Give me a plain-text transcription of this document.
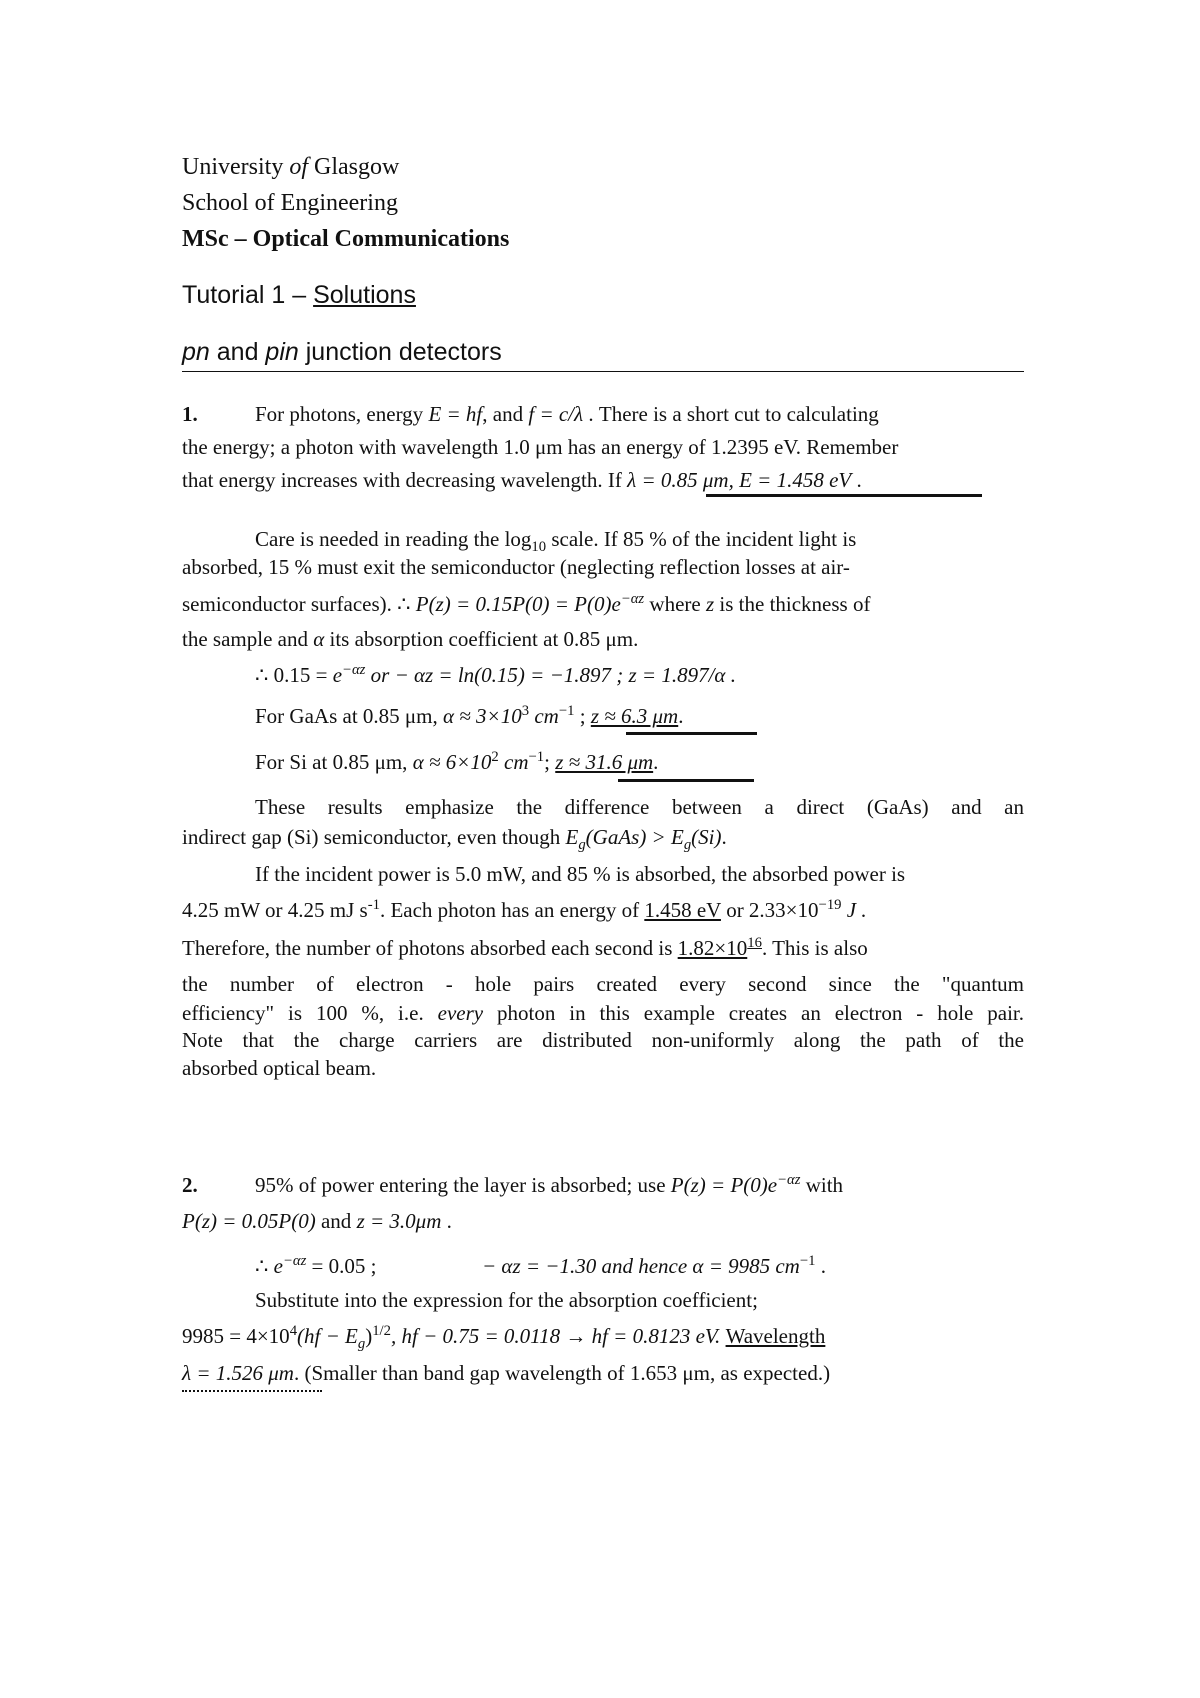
University of Glasgow
School of Engineering
MSc – Optical Communications
Tutorial 1 – Solutions
pn and pin junction detectors
1.	For photons, energy E = hf, and f = c/λ . There is a short cut to calculating
the energy; a photon with wavelength 1.0 μm has an energy of 1.2395 eV. Remember
that energy increases with decreasing wavelength. If λ = 0.85 μm, E = 1.458 eV .
Care is needed in reading the $\log_{10}$ scale. If 85 % of the incident light is
absorbed, 15 % must exit the semiconductor (neglecting reflection losses at air-
semiconductor surfaces). ∴ $P(z) = 0.15P(0) = P(0)e^{-\alpha z}$ where z is the thickness of
the sample and α its absorption coefficient at 0.85 μm.
∴ $0.15 = e^{-\alpha z}$ or − αz = ln(0.15) = −1.897 ; z = 1.897/α .
For GaAs at 0.85 μm, $\alpha \approx 3\times 10^3$ $cm^{-1}$ ; z ≈ 6.3 μm.
For Si at 0.85 μm, $\alpha \approx 6\times 10^2$ $cm^{-1}$; z ≈ 31.6 μm.
These results emphasize the difference between a direct (GaAs) and an
indirect gap (Si) semiconductor, even though $E_g(GaAs) > E_g(Si)$.
If the incident power is 5.0 mW, and 85 % is absorbed, the absorbed power is
4.25 mW or 4.25 mJ $s^{-1}$. Each photon has an energy of 1.458 eV or $2.33\times 10^{-19}$ J .
Therefore, the number of photons absorbed each second is $1.82\times 10^{16}$. This is also
the number of electron - hole pairs created every second since the "quantum
efficiency" is 100 %, i.e. every photon in this example creates an electron - hole pair.
Note that the charge carriers are distributed non-uniformly along the path of the
absorbed optical beam.
2.	95% of power entering the layer is absorbed; use $P(z) = P(0)e^{-\alpha z}$ with
P(z) = 0.05P(0) and z = 3.0μm .
∴ $e^{-\alpha z} = 0.05$ ;	− αz = −1.30 and hence α = 9985 $cm^{-1}$ .
Substitute into the expression for the absorption coefficient;
$9985 = 4\times 10^4(hf - E_g)^{1/2}$, hf − 0.75 = 0.0118 → hf = 0.8123 eV. Wavelength
λ = 1.526 μm. (Smaller than band gap wavelength of 1.653 μm, as expected.)
